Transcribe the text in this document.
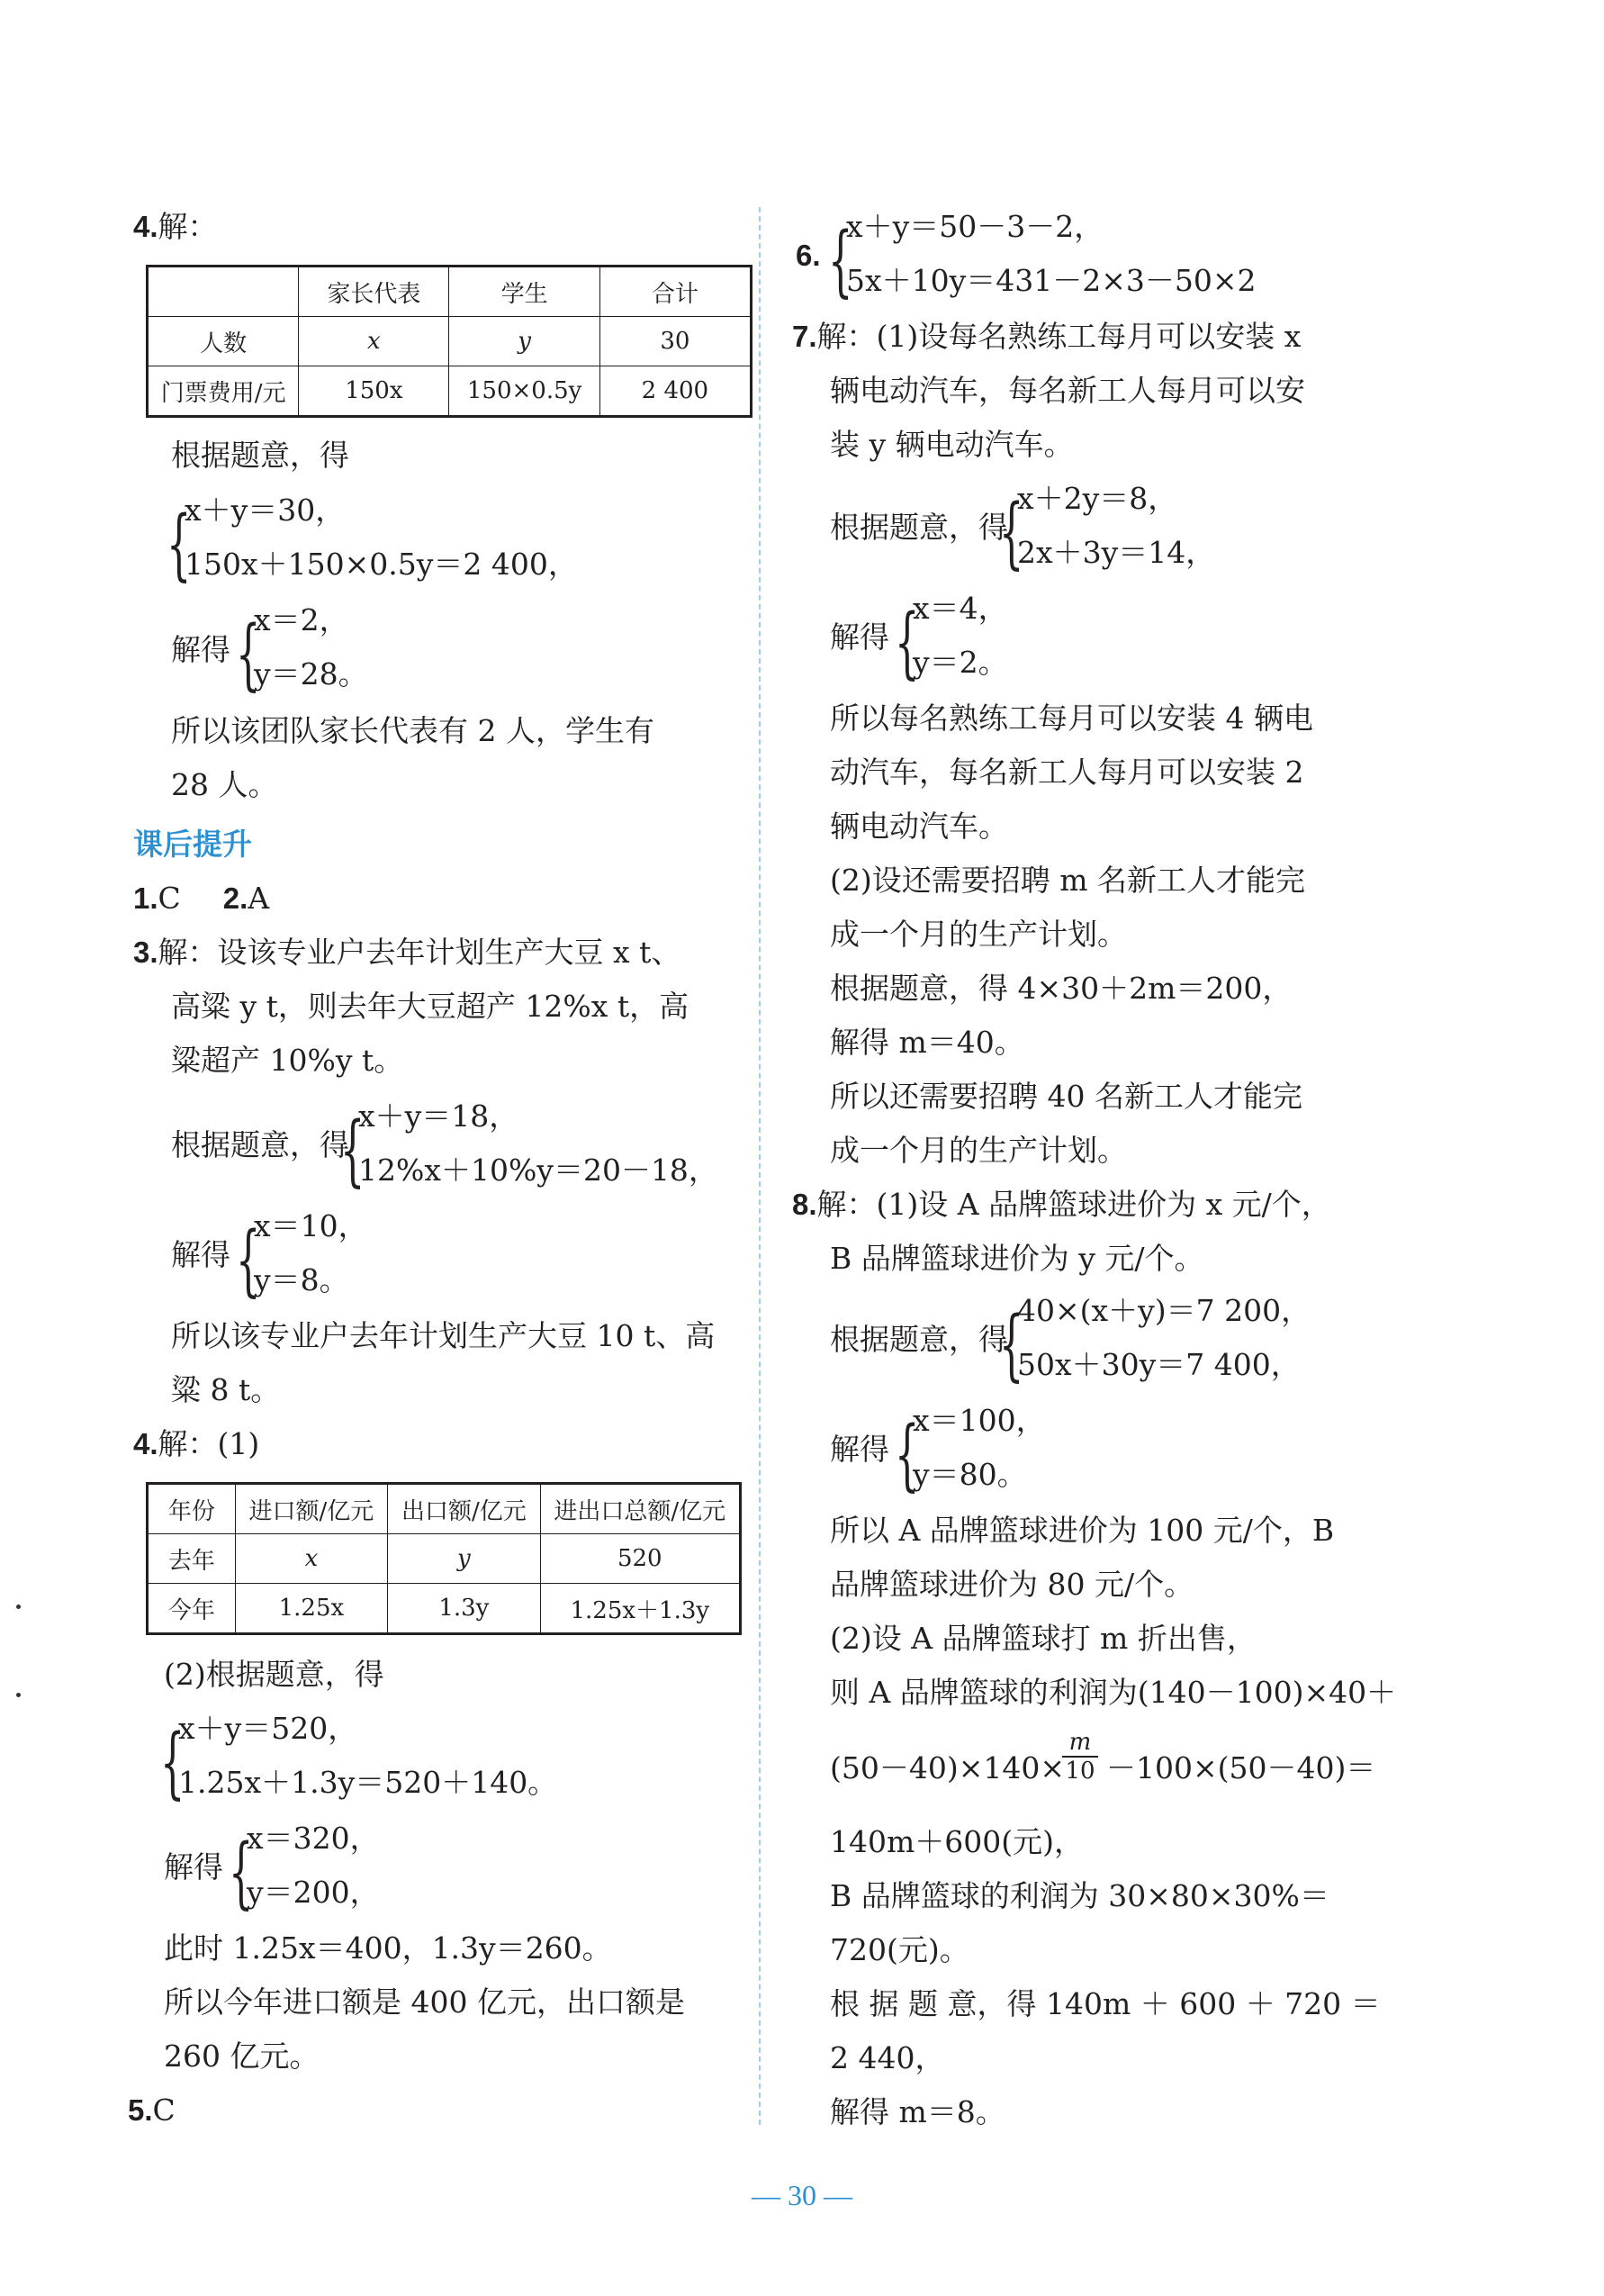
4.解：
	家长代表	学生	合计
人数	x	y	30
门票费用/元	150x	150×0.5y	2 400
根据题意，得
{
x＋y＝30，
150x＋150×0.5y＝2 400，
解得 {
x＝2，
y＝28。
所以该团队家长代表有 2 人，学生有
28 人。
课后提升
1.C 2.A
3.解：设该专业户去年计划生产大豆 x t、
高粱 y t，则去年大豆超产 12%x t，高
粱超产 10%y t。
根据题意，得
{
x＋y＝18，
12%x＋10%y＝20－18，
解得 {
x＝10，
y＝8。
所以该专业户去年计划生产大豆 10 t、高
粱 8 t。
4.解：(1)
年份	进口额/亿元	出口额/亿元	进出口总额/亿元
去年	x	y	520
今年	1.25x	1.3y	1.25x＋1.3y
(2)根据题意，得
{
x＋y＝520，
1.25x＋1.3y＝520＋140。
解得 {
x＝320，
y＝200，
此时 1.25x＝400，1.3y＝260。
所以今年进口额是 400 亿元，出口额是
260 亿元。
5.C
6. {
x＋y＝50－3－2，
5x＋10y＝431－2×3－50×2
7.解：(1)设每名熟练工每月可以安装 x
辆电动汽车，每名新工人每月可以安
装 y 辆电动汽车。
根据题意，得
{
x＋2y＝8，
2x＋3y＝14，
解得 {
x＝4，
y＝2。
所以每名熟练工每月可以安装 4 辆电
动汽车，每名新工人每月可以安装 2
辆电动汽车。
(2)设还需要招聘 m 名新工人才能完
成一个月的生产计划。
根据题意，得 4×30＋2m＝200，
解得 m＝40。
所以还需要招聘 40 名新工人才能完
成一个月的生产计划。
8.解：(1)设 A 品牌篮球进价为 x 元/个，
B 品牌篮球进价为 y 元/个。
根据题意，得
{
40×(x＋y)＝7 200，
50x＋30y＝7 400，
解得 {
x＝100，
y＝80。
所以 A 品牌篮球进价为 100 元/个，B
品牌篮球进价为 80 元/个。
(2)设 A 品牌篮球打 m 折出售，
则 A 品牌篮球的利润为(140－100)×40＋
(50－40)×140× －100×(50－40)＝
$\frac{m}{10}$
140m＋600(元)，
B 品牌篮球的利润为 30×80×30%＝
720(元)。
根 据 题 意，得 140m ＋ 600 ＋ 720 ＝
2 440，
解得 m＝8。
— 30 —
